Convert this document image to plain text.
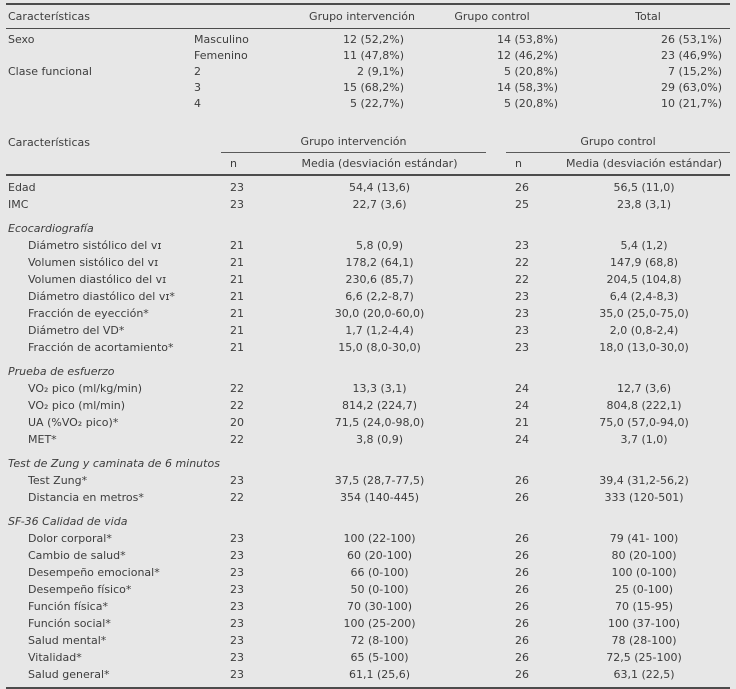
Características		Grupo intervención	Grupo control	Total
Sexo	Masculino	12 (52,2%)	14 (53,8%)	26 (53,1%)
	Femenino	11 (47,8%)	12 (46,2%)	23 (46,9%)
Clase funcional	2	2 (9,1%)	5 (20,8%)	7 (15,2%)
	3	15 (68,2%)	14 (58,3%)	29 (63,0%)
	4	5 (22,7%)	5 (20,8%)	10 (21,7%)
Características	Grupo intervención			Grupo control	
	n	Media (desviación estándar)		n	Media (desviación estándar)
Edad	23	54,4 (13,6)		26	56,5 (11,0)
IMC	23	22,7 (3,6)		25	23,8 (3,1)
Ecocardiografía					
Diámetro sistólico del ᴠɪ	21	5,8 (0,9)		23	5,4 (1,2)
Volumen sistólico del ᴠɪ	21	178,2 (64,1)		22	147,9 (68,8)
Volumen diastólico del ᴠɪ	21	230,6 (85,7)		22	204,5 (104,8)
Diámetro diastólico del ᴠɪ*	21	6,6 (2,2-8,7)		23	6,4 (2,4-8,3)
Fracción de eyección*	21	30,0 (20,0-60,0)		23	35,0 (25,0-75,0)
Diámetro del VD*	21	1,7 (1,2-4,4)		23	2,0 (0,8-2,4)
Fracción de acortamiento*	21	15,0 (8,0-30,0)		23	18,0 (13,0-30,0)
Prueba de esfuerzo					
VO₂ pico (ml/kg/min)	22	13,3 (3,1)		24	12,7 (3,6)
VO₂ pico (ml/min)	22	814,2 (224,7)		24	804,8 (222,1)
UA (%VO₂ pico)*	20	71,5 (24,0-98,0)		21	75,0 (57,0-94,0)
MET*	22	3,8 (0,9)		24	3,7 (1,0)
Test de Zung y caminata de 6 minutos					
Test Zung*	23	37,5 (28,7-77,5)		26	39,4 (31,2-56,2)
Distancia en metros*	22	354 (140-445)		26	333 (120-501)
SF-36 Calidad de vida					
Dolor corporal*	23	100 (22-100)		26	79 (41- 100)
Cambio de salud*	23	60 (20-100)		26	80 (20-100)
Desempeño emocional*	23	66 (0-100)		26	100 (0-100)
Desempeño físico*	23	50 (0-100)		26	25 (0-100)
Función física*	23	70 (30-100)		26	70 (15-95)
Función social*	23	100 (25-200)		26	100 (37-100)
Salud mental*	23	72 (8-100)		26	78 (28-100)
Vitalidad*	23	65 (5-100)		26	72,5 (25-100)
Salud general*	23	61,1 (25,6)		26	63,1 (22,5)
